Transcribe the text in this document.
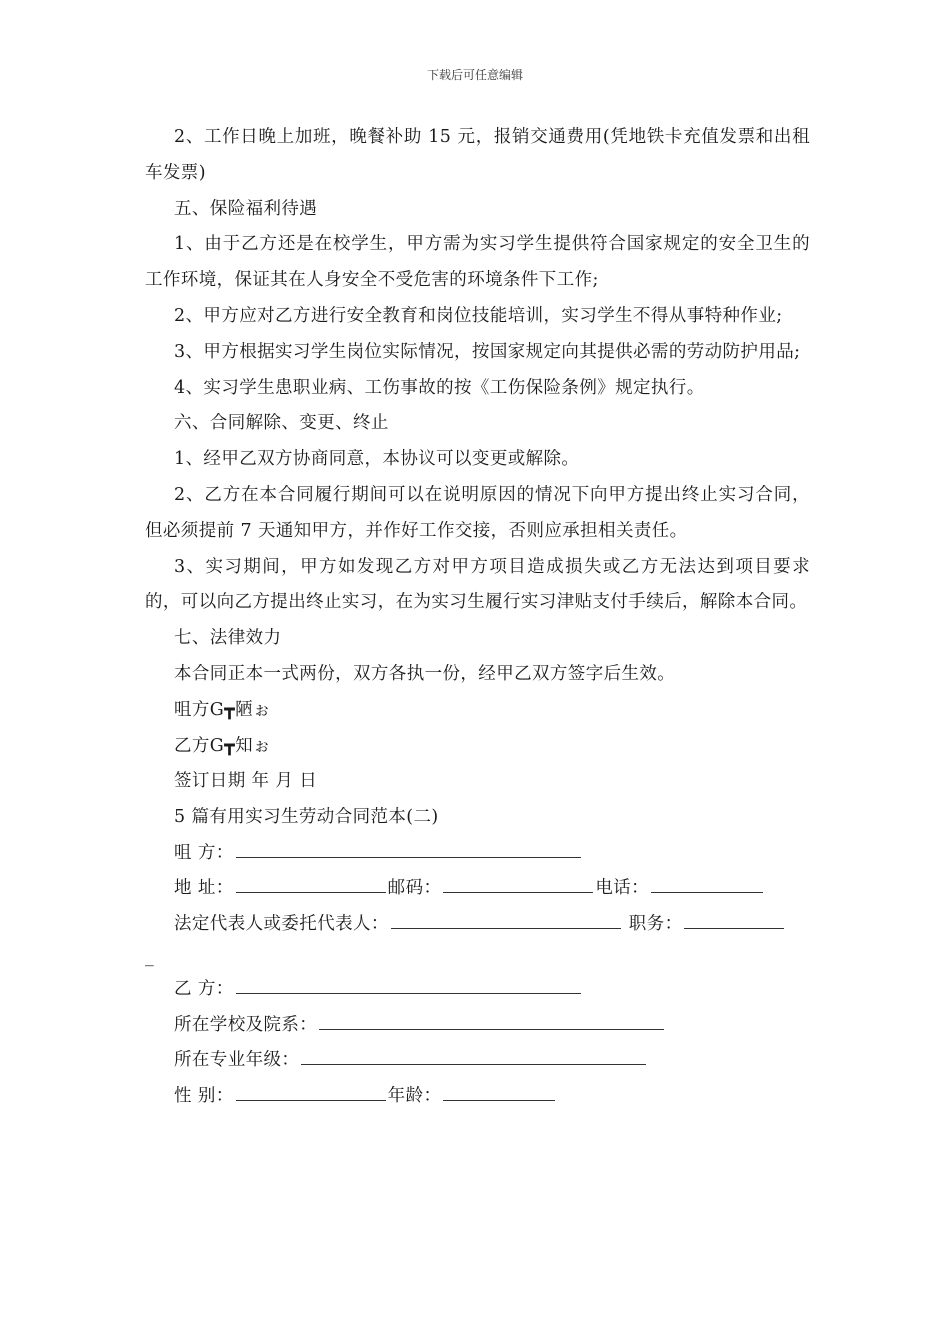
下载后可任意编辑

2、工作日晚上加班，晚餐补助 15 元，报销交通费用(凭地铁卡充值发票和出租车发票)

五、保险福利待遇

1、由于乙方还是在校学生，甲方需为实习学生提供符合国家规定的安全卫生的工作环境，保证其在人身安全不受危害的环境条件下工作;

2、甲方应对乙方进行安全教育和岗位技能培训，实习学生不得从事特种作业;

3、甲方根据实习学生岗位实际情况，按国家规定向其提供必需的劳动防护用品;

4、实习学生患职业病、工伤事故的按《工伤保险条例》规定执行。

六、合同解除、变更、终止

1、经甲乙双方协商同意，本协议可以变更或解除。

2、乙方在本合同履行期间可以在说明原因的情况下向甲方提出终止实习合同，但必须提前 7 天通知甲方，并作好工作交接，否则应承担相关责任。

3、实习期间，甲方如发现乙方对甲方项目造成损失或乙方无法达到项目要求的，可以向乙方提出终止实习，在为实习生履行实习津贴支付手续后，解除本合同。

七、法律效力

本合同正本一式两份，双方各执一份，经甲乙双方签字后生效。

咀方G┳陋ぉ

乙方G┳知ぉ

签订日期 年 月 日

5 篇有用实习生劳动合同范本(二)

咀 方：

地 址：	邮码：	电话：

法定代表人或委托代表人：	职务：

_

乙 方：

所在学校及院系：

所在专业年级：

性 别：	年龄：
